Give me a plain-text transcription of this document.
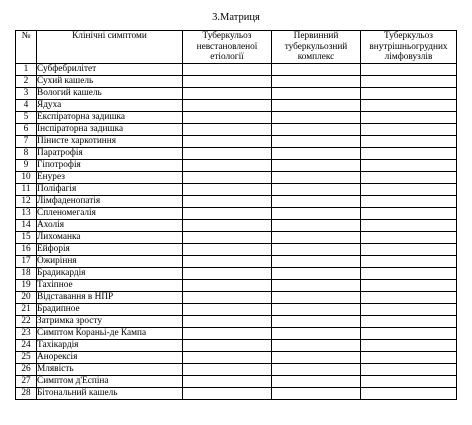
3.Матриця
№	Клінічні симптоми	Туберкульоз невстановленої етіології	Первинний туберкульозний комплекс	Туберкульоз внутрішньогрудних лімфовузлів
1	Субфебрилітет			
2	Сухий кашель			
3	Вологий кашель			
4	Ядуха			
5	Експіраторна задишка			
6	Інспіраторна задишка			
7	Пінисте харкотиння			
8	Паратрофія			
9	Гіпотрофія			
10	Енурез			
11	Поліфагія			
12	Лімфаденопатія			
13	Спленомегалія			
14	Ахолія			
15	Лихоманка			
16	Ейфорія			
17	Ожиріння			
18	Брадикардія			
19	Тахіпное			
20	Відставання в НПР			
21	Брадипное			
22	Затримка зросту			
23	Симптом Кораньі-де Кампа			
24	Тахікардія			
25	Анорексія			
26	Млявість			
27	Симптом д'Еспіна			
28	Бітональний кашель			
